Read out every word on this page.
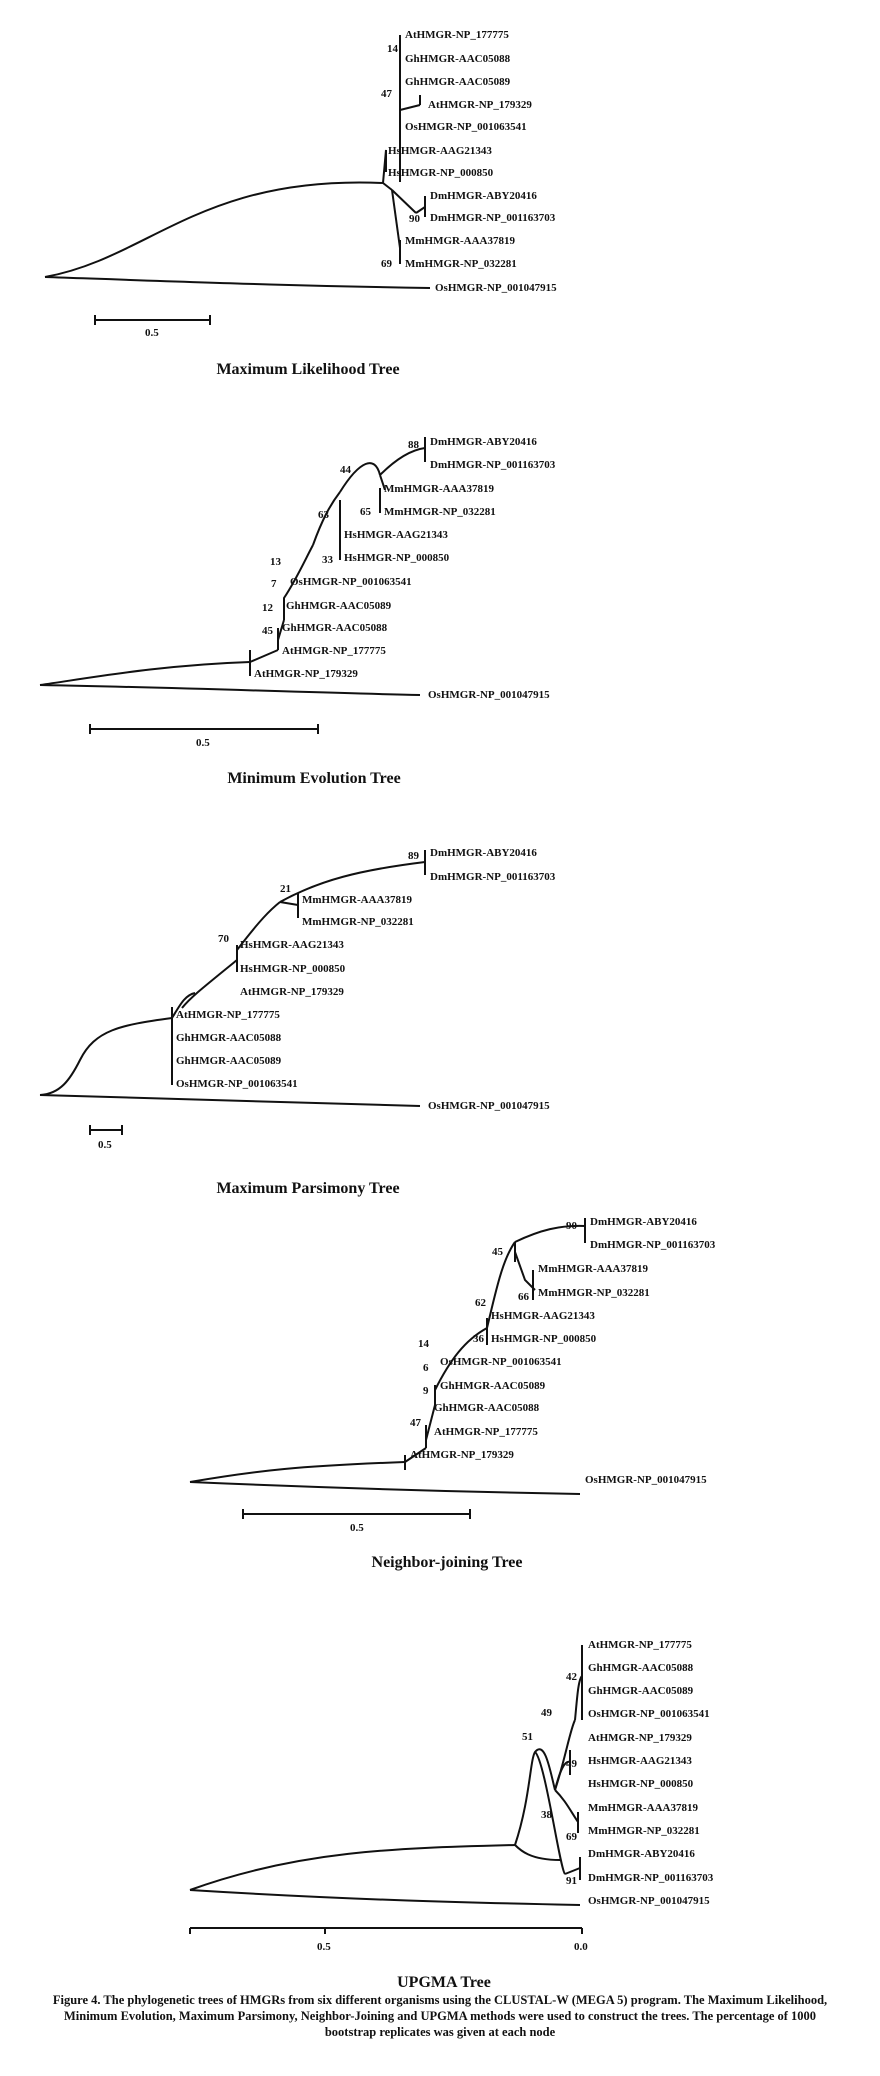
AtHMGR-NP_177775
GhHMGR-AAC05088
GhHMGR-AAC05089
AtHMGR-NP_179329
OsHMGR-NP_001063541
HsHMGR-AAG21343
HsHMGR-NP_000850
DmHMGR-ABY20416
DmHMGR-NP_001163703
MmHMGR-AAA37819
MmHMGR-NP_032281
OsHMGR-NP_001047915
14
47
90
69
0.5
Maximum Likelihood Tree
DmHMGR-ABY20416
DmHMGR-NP_001163703
MmHMGR-AAA37819
MmHMGR-NP_032281
HsHMGR-AAG21343
HsHMGR-NP_000850
OsHMGR-NP_001063541
GhHMGR-AAC05089
GhHMGR-AAC05088
AtHMGR-NP_177775
AtHMGR-NP_179329
OsHMGR-NP_001047915
88
44
65
63
33
13
7
12
45
0.5
Minimum Evolution Tree
DmHMGR-ABY20416
DmHMGR-NP_001163703
MmHMGR-AAA37819
MmHMGR-NP_032281
HsHMGR-AAG21343
HsHMGR-NP_000850
AtHMGR-NP_179329
AtHMGR-NP_177775
GhHMGR-AAC05088
GhHMGR-AAC05089
OsHMGR-NP_001063541
OsHMGR-NP_001047915
89
21
70
0.5
Maximum Parsimony Tree
DmHMGR-ABY20416
DmHMGR-NP_001163703
MmHMGR-AAA37819
MmHMGR-NP_032281
HsHMGR-AAG21343
HsHMGR-NP_000850
OsHMGR-NP_001063541
GhHMGR-AAC05089
GhHMGR-AAC05088
AtHMGR-NP_177775
AtHMGR-NP_179329
OsHMGR-NP_001047915
90
45
62	66
36
14
6
9
47
0.5
Neighbor-joining Tree
AtHMGR-NP_177775
GhHMGR-AAC05088
GhHMGR-AAC05089
OsHMGR-NP_001063541
AtHMGR-NP_179329
HsHMGR-AAG21343
HsHMGR-NP_000850
MmHMGR-AAA37819
MmHMGR-NP_032281
DmHMGR-ABY20416
DmHMGR-NP_001163703
OsHMGR-NP_001047915
42
49
51
49
38
69
91
0.5	0.0
UPGMA Tree
Figure 4. The phylogenetic trees of HMGRs from six different organisms using the CLUSTAL-W (MEGA 5) program. The Maximum Likelihood, Minimum Evolution, Maximum Parsimony, Neighbor-Joining and UPGMA methods were used to construct the trees. The percentage of 1000 bootstrap replicates was given at each node
